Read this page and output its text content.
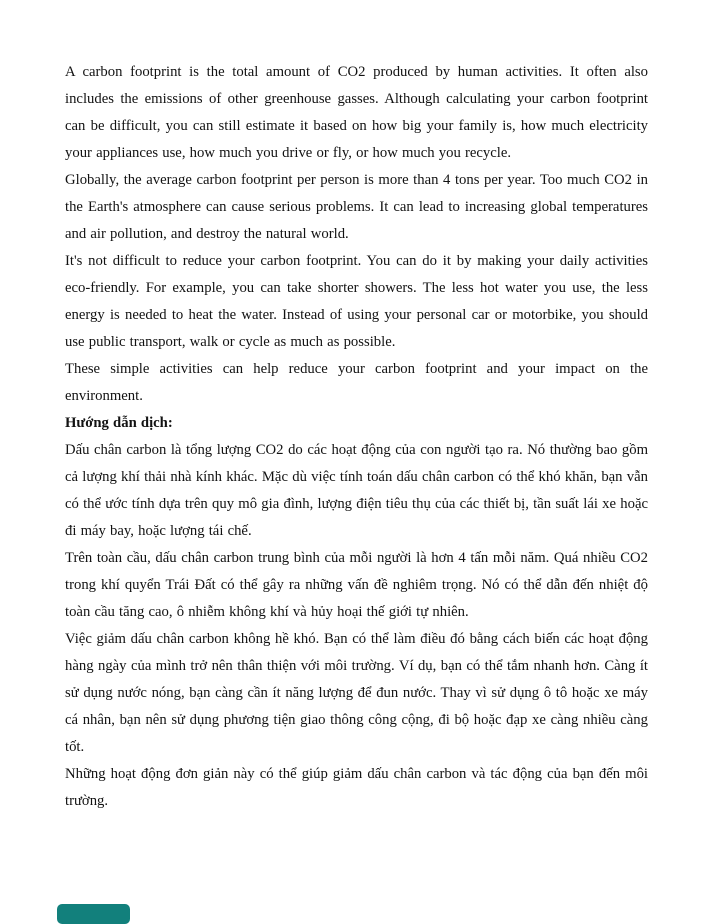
A carbon footprint is the total amount of CO2 produced by human activities. It often also includes the emissions of other greenhouse gasses. Although calculating your carbon footprint can be difficult, you can still estimate it based on how big your family is, how much electricity your appliances use, how much you drive or fly, or how much you recycle.

Globally, the average carbon footprint per person is more than 4 tons per year. Too much CO2 in the Earth's atmosphere can cause serious problems. It can lead to increasing global temperatures and air pollution, and destroy the natural world.

It's not difficult to reduce your carbon footprint. You can do it by making your daily activities eco-friendly. For example, you can take shorter showers. The less hot water you use, the less energy is needed to heat the water. Instead of using your personal car or motorbike, you should use public transport, walk or cycle as much as possible.

These simple activities can help reduce your carbon footprint and your impact on the environment.

Hướng dẫn dịch:

Dấu chân carbon là tổng lượng CO2 do các hoạt động của con người tạo ra. Nó thường bao gồm cả lượng khí thải nhà kính khác. Mặc dù việc tính toán dấu chân carbon có thể khó khăn, bạn vẫn có thể ước tính dựa trên quy mô gia đình, lượng điện tiêu thụ của các thiết bị, tần suất lái xe hoặc đi máy bay, hoặc lượng tái chế.

Trên toàn cầu, dấu chân carbon trung bình của mỗi người là hơn 4 tấn mỗi năm. Quá nhiều CO2 trong khí quyển Trái Đất có thể gây ra những vấn đề nghiêm trọng. Nó có thể dẫn đến nhiệt độ toàn cầu tăng cao, ô nhiễm không khí và hủy hoại thế giới tự nhiên.

Việc giảm dấu chân carbon không hề khó. Bạn có thể làm điều đó bằng cách biến các hoạt động hàng ngày của mình trở nên thân thiện với môi trường. Ví dụ, bạn có thể tắm nhanh hơn. Càng ít sử dụng nước nóng, bạn càng cần ít năng lượng để đun nước. Thay vì sử dụng ô tô hoặc xe máy cá nhân, bạn nên sử dụng phương tiện giao thông công cộng, đi bộ hoặc đạp xe càng nhiều càng tốt.

Những hoạt động đơn giản này có thể giúp giảm dấu chân carbon và tác động của bạn đến môi trường.
